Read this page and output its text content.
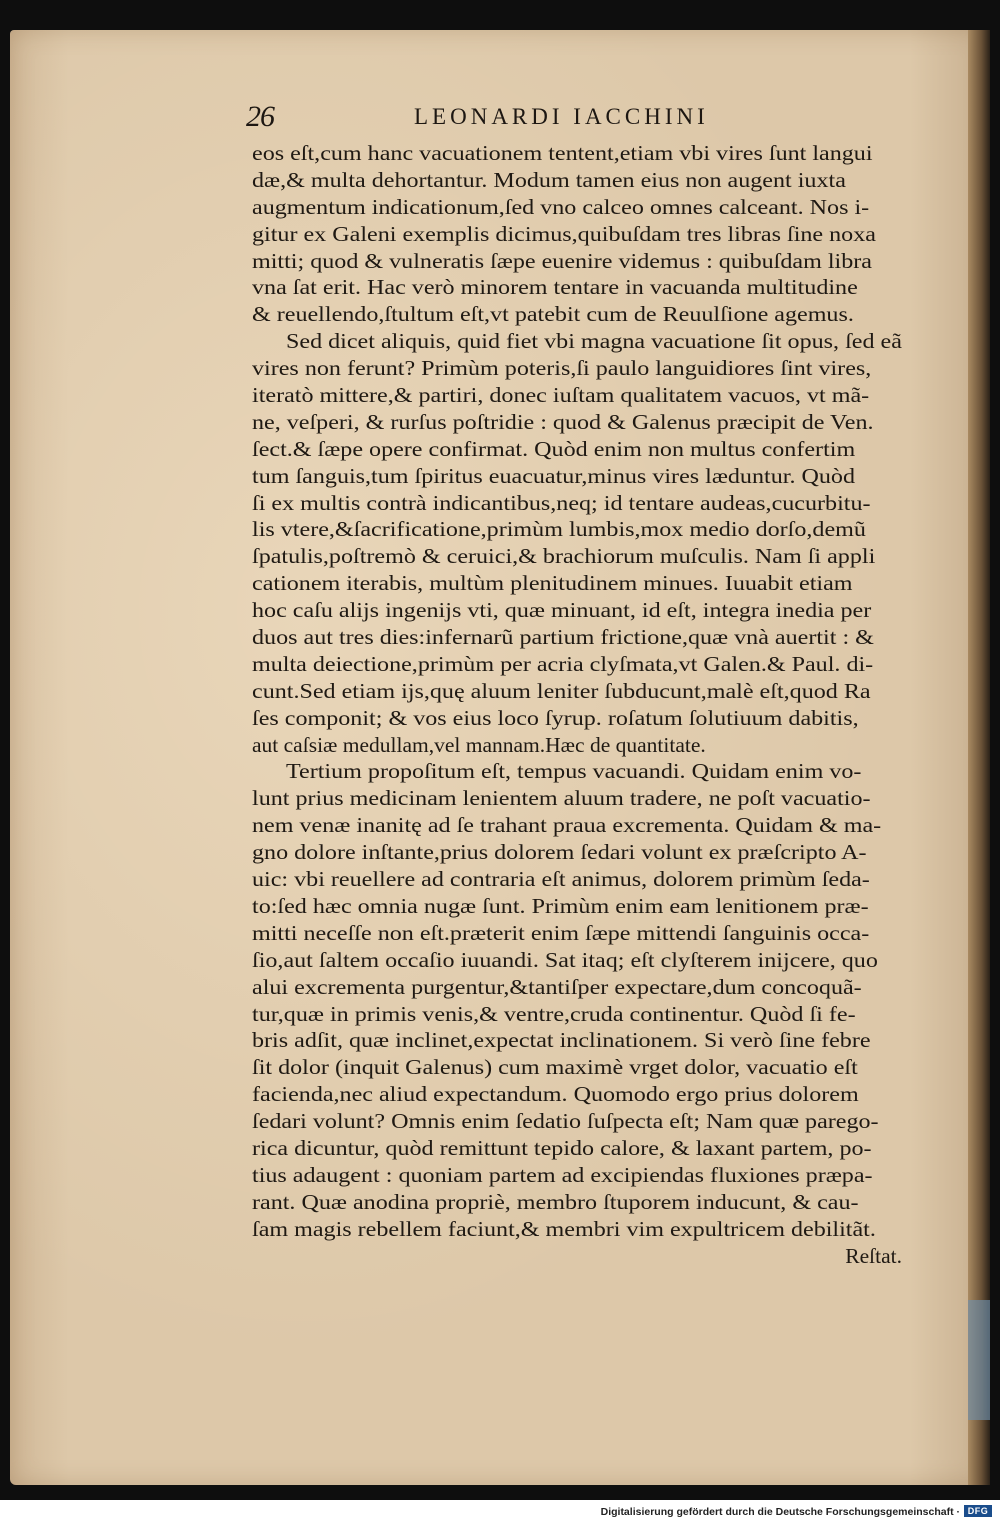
26	LEONARDI IACCHINI
eos eſt,cum hanc vacuationem tentent,etiam vbi vires ſunt langui
dæ,& multa dehortantur. Modum tamen eius non augent iuxta
augmentum indicationum,ſed vno calceo omnes calceant. Nos i-
gitur ex Galeni exemplis dicimus,quibuſdam tres libras ſine noxa
mitti; quod & vulneratis ſæpe euenire videmus : quibuſdam libra
vna ſat erit. Hac verò minorem tentare in vacuanda multitudine
& reuellendo,ſtultum eſt,vt patebit cum de Reuulſione agemus.
Sed dicet aliquis, quid fiet vbi magna vacuatione ſit opus, ſed eã
vires non ferunt? Primùm poteris,ſi paulo languidiores ſint vires,
iteratò mittere,& partiri, donec iuſtam qualitatem vacuos, vt mã-
ne, veſperi, & rurſus poſtridie : quod & Galenus præcipit de Ven.
ſect.& ſæpe opere confirmat. Quòd enim non multus confertim
tum ſanguis,tum ſpiritus euacuatur,minus vires læduntur. Quòd
ſi ex multis contrà indicantibus,neq; id tentare audeas,cucurbitu-
lis vtere,&ſacrificatione,primùm lumbis,mox medio dorſo,demũ
ſpatulis,poſtremò & ceruici,& brachiorum muſculis. Nam ſi appli
cationem iterabis, multùm plenitudinem minues. Iuuabit etiam
hoc caſu alijs ingenijs vti, quæ minuant, id eſt, integra inedia per
duos aut tres dies:infernarũ partium frictione,quæ vnà auertit : &
multa deiectione,primùm per acria clyſmata,vt Galen.& Paul. di-
cunt.Sed etiam ijs,quę aluum leniter ſubducunt,malè eſt,quod Ra
ſes componit; & vos eius loco ſyrup. roſatum ſolutiuum dabitis,
aut caſsiæ medullam,vel mannam.Hæc de quantitate.
Tertium propoſitum eſt, tempus vacuandi. Quidam enim vo-
lunt prius medicinam lenientem aluum tradere, ne poſt vacuatio-
nem venæ inanitę ad ſe trahant praua excrementa. Quidam & ma-
gno dolore inſtante,prius dolorem ſedari volunt ex præſcripto A-
uic: vbi reuellere ad contraria eſt animus, dolorem primùm ſeda-
to:ſed hæc omnia nugæ ſunt. Primùm enim eam lenitionem præ-
mitti neceſſe non eſt.præterit enim ſæpe mittendi ſanguinis occa-
ſio,aut ſaltem occaſio iuuandi. Sat itaq; eſt clyſterem inijcere, quo
alui excrementa purgentur,&tantiſper expectare,dum concoquã-
tur,quæ in primis venis,& ventre,cruda continentur. Quòd ſi fe-
bris adſit, quæ inclinet,expectat inclinationem. Si verò ſine febre
ſit dolor (inquit Galenus) cum maximè vrget dolor, vacuatio eſt
facienda,nec aliud expectandum. Quomodo ergo prius dolorem
ſedari volunt? Omnis enim ſedatio ſuſpecta eſt; Nam quæ parego-
rica dicuntur, quòd remittunt tepido calore, & laxant partem, po-
tius adaugent : quoniam partem ad excipiendas fluxiones præpa-
rant. Quæ anodina propriè, membro ſtuporem inducunt, & cau-
ſam magis rebellem faciunt,& membri vim expultricem debilitãt.
Reſtat.
Digitalisierung gefördert durch die Deutsche Forschungsgemeinschaft · DFG
